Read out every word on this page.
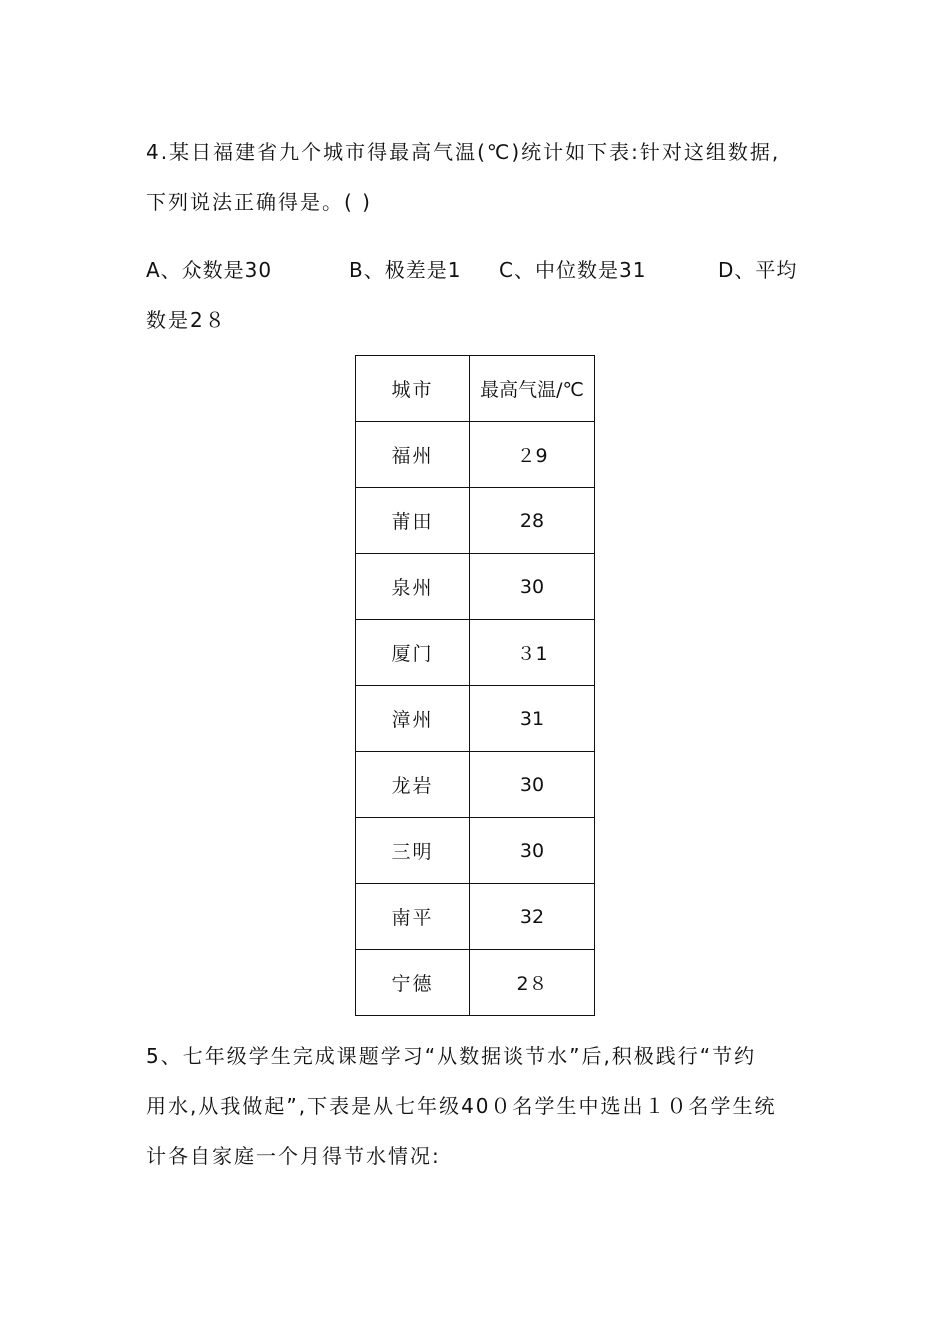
4.某日福建省九个城市得最高气温(℃)统计如下表:针对这组数据,
下列说法正确得是。( )
A、众数是30	B、极差是1 C、中位数是31	D、平均
数是2８
城市	最高气温/℃
福州	２9
莆田	28
泉州	30
厦门	３1
漳州	31
龙岩	30
三明	30
南平	32
宁德	2８
5、七年级学生完成课题学习“从数据谈节水”后,积极践行“节约
用水,从我做起”,下表是从七年级40０名学生中选出１０名学生统
计各自家庭一个月得节水情况:
